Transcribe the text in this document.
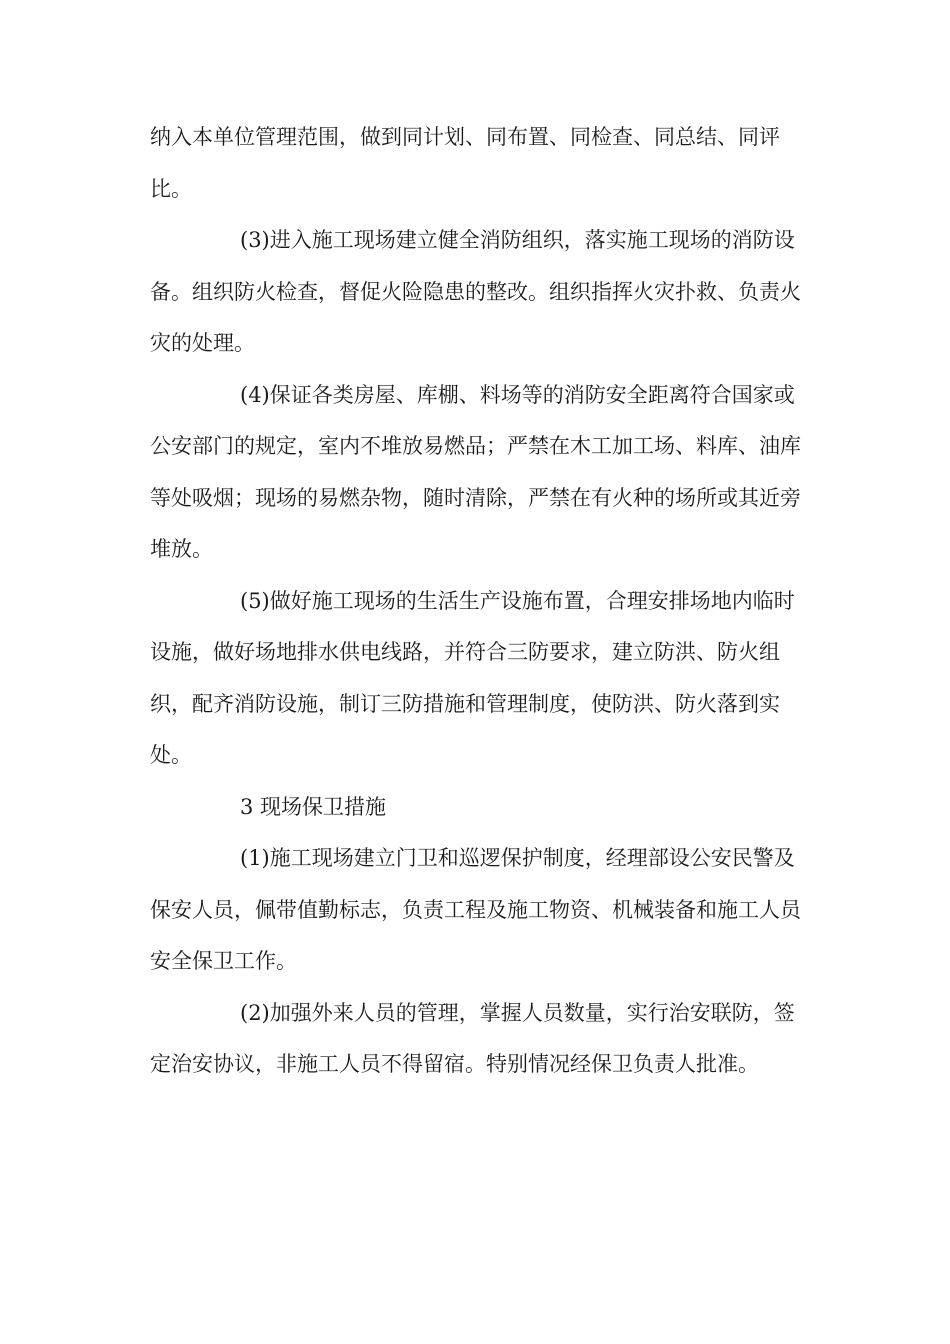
纳入本单位管理范围，做到同计划、同布置、同检查、同总结、同评比。

(3)进入施工现场建立健全消防组织，落实施工现场的消防设备。组织防火检查，督促火险隐患的整改。组织指挥火灾扑救、负责火灾的处理。

(4)保证各类房屋、库棚、料场等的消防安全距离符合国家或公安部门的规定，室内不堆放易燃品；严禁在木工加工场、料库、油库等处吸烟；现场的易燃杂物，随时清除，严禁在有火种的场所或其近旁堆放。

(5)做好施工现场的生活生产设施布置，合理安排场地内临时设施，做好场地排水供电线路，并符合三防要求，建立防洪、防火组织，配齐消防设施，制订三防措施和管理制度，使防洪、防火落到实处。

3 现场保卫措施

(1)施工现场建立门卫和巡逻保护制度，经理部设公安民警及保安人员，佩带值勤标志，负责工程及施工物资、机械装备和施工人员安全保卫工作。

(2)加强外来人员的管理，掌握人员数量，实行治安联防，签定治安协议，非施工人员不得留宿。特别情况经保卫负责人批准。
